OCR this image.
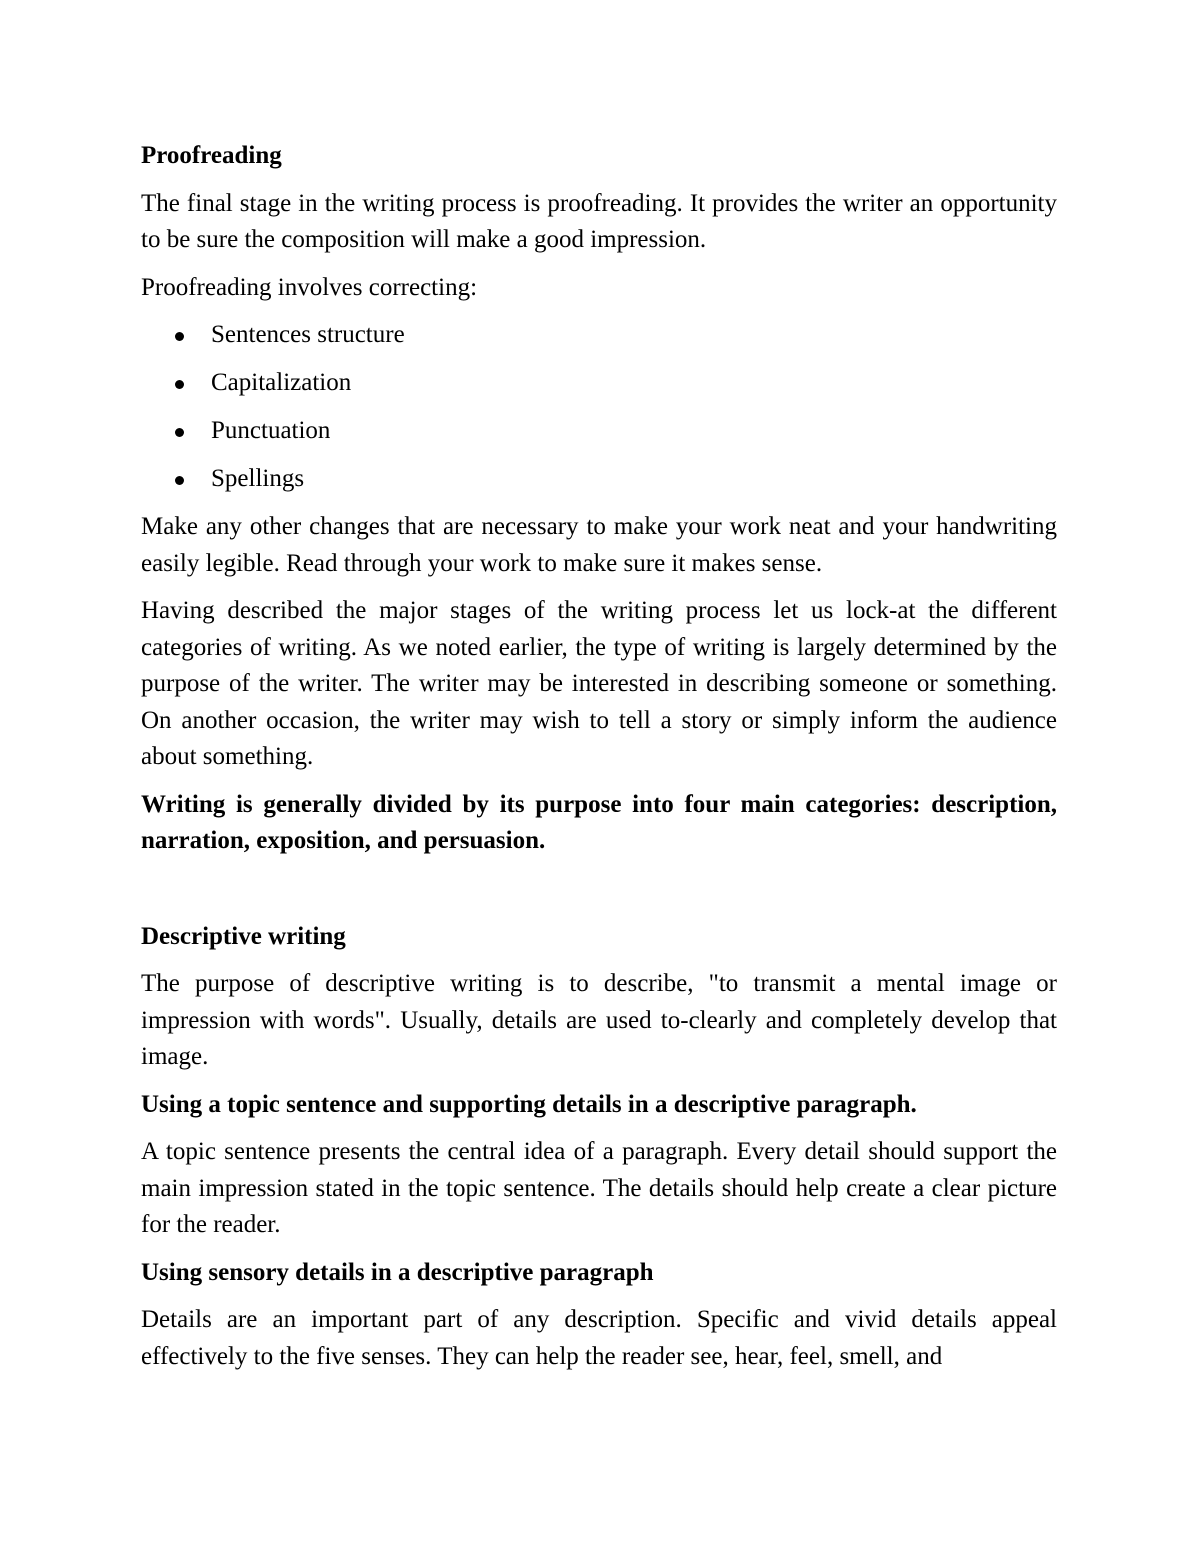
Proofreading

The final stage in the writing process is proofreading. It provides the writer an opportunity to be sure the composition will make a good impression.

Proofreading involves correcting:

Sentences structure
Capitalization
Punctuation
Spellings

Make any other changes that are necessary to make your work neat and your handwriting easily legible. Read through your work to make sure it makes sense.

Having described the major stages of the writing process let us lock-at the different categories of writing. As we noted earlier, the type of writing is largely determined by the purpose of the writer. The writer may be interested in describing someone or something. On another occasion, the writer may wish to tell a story or simply inform the audience about something.

Writing is generally divided by its purpose into four main categories: description, narration, exposition, and persuasion.

Descriptive writing

The purpose of descriptive writing is to describe, "to transmit a mental image or impression with words". Usually, details are used to-clearly and completely develop that image.

Using a topic sentence and supporting details in a descriptive paragraph.

A topic sentence presents the central idea of a paragraph. Every detail should support the main impression stated in the topic sentence. The details should help create a clear picture for the reader.

Using sensory details in a descriptive paragraph

Details are an important part of any description. Specific and vivid details appeal effectively to the five senses. They can help the reader see, hear, feel, smell, and
